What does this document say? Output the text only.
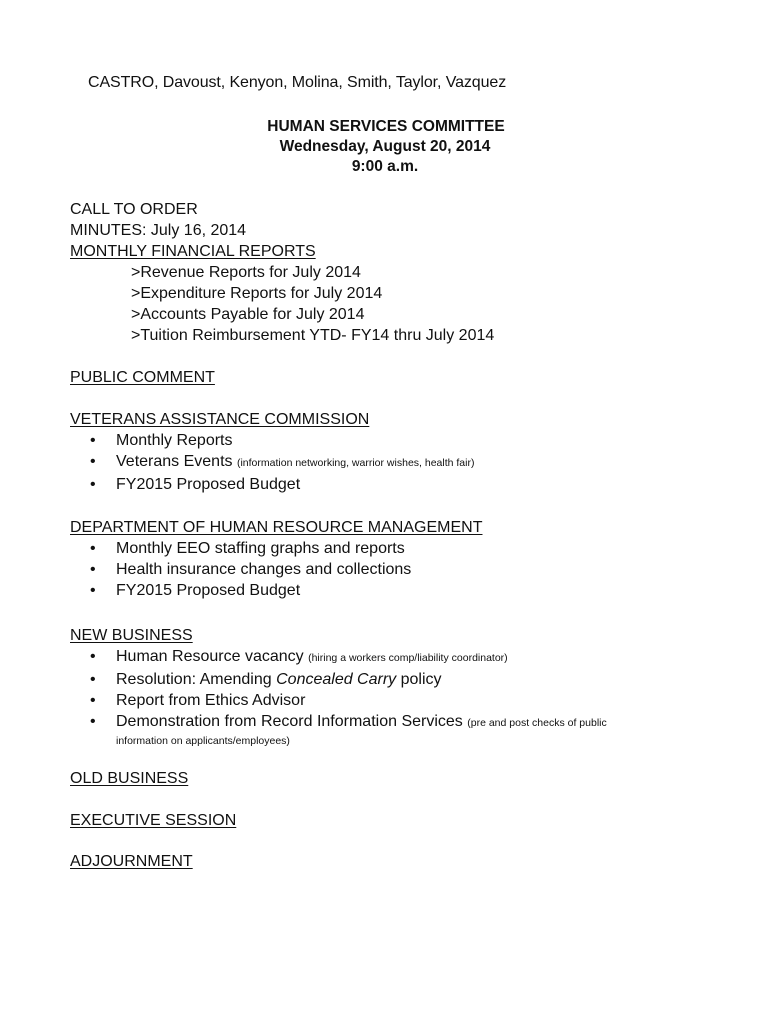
CASTRO, Davoust, Kenyon, Molina, Smith, Taylor, Vazquez
HUMAN SERVICES COMMITTEE
Wednesday, August 20, 2014
9:00 a.m.
CALL TO ORDER
MINUTES: July 16, 2014
MONTHLY FINANCIAL REPORTS
>Revenue Reports for July 2014
>Expenditure Reports for July 2014
>Accounts Payable for July 2014
>Tuition Reimbursement YTD- FY14 thru July 2014
PUBLIC COMMENT
VETERANS ASSISTANCE COMMISSION
• Monthly Reports
• Veterans Events (information networking, warrior wishes, health fair)
• FY2015 Proposed Budget
DEPARTMENT OF HUMAN RESOURCE MANAGEMENT
• Monthly EEO staffing graphs and reports
• Health insurance changes and collections
• FY2015 Proposed Budget
NEW BUSINESS
• Human Resource vacancy (hiring a workers comp/liability coordinator)
• Resolution: Amending Concealed Carry policy
• Report from Ethics Advisor
• Demonstration from Record Information Services (pre and post checks of public
information on applicants/employees)
OLD BUSINESS
EXECUTIVE SESSION
ADJOURNMENT
